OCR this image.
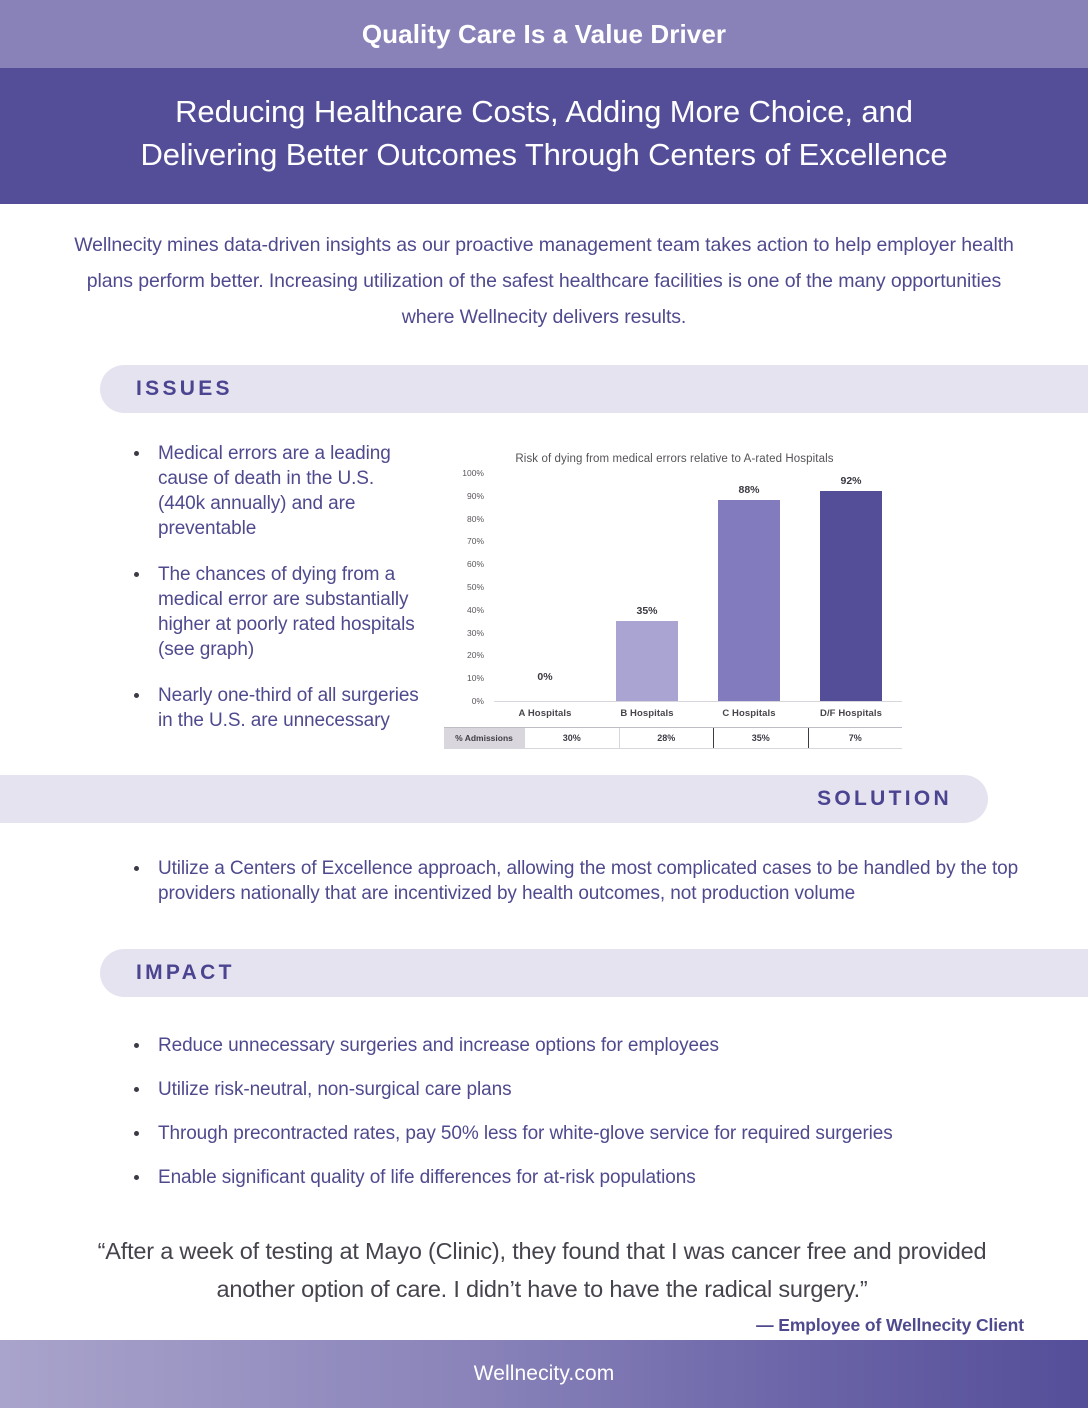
Quality Care Is a Value Driver
Reducing Healthcare Costs, Adding More Choice, and
Delivering Better Outcomes Through Centers of Excellence
Wellnecity mines data-driven insights as our proactive management team takes action to help employer health plans perform better. Increasing utilization of the safest healthcare facilities is one of the many opportunities where Wellnecity delivers results.
ISSUES
Medical errors are a leading cause of death in the U.S. (440k annually) and are preventable
The chances of dying from a medical error are substantially higher at poorly rated hospitals (see graph)
Nearly one-third of all surgeries in the U.S. are unnecessary
Risk of dying from medical errors relative to A-rated Hospitals
100%
90%
80%
70%
60%
50%
40%
30%
20%
10%
0%
0%
35%
88%
92%
A Hospitals	B Hospitals	C Hospitals	D/F Hospitals
% Admissions	30%	28%	35%	7%
SOLUTION
Utilize a Centers of Excellence approach, allowing the most complicated cases to be handled by the top providers nationally that are incentivized by health outcomes, not production volume
IMPACT
Reduce unnecessary surgeries and increase options for employees
Utilize risk-neutral, non-surgical care plans
Through precontracted rates, pay 50% less for white-glove service for required surgeries
Enable significant quality of life differences for at-risk populations
“After a week of testing at Mayo (Clinic), they found that I was cancer free and provided another option of care. I didn’t have to have the radical surgery.”
— Employee of Wellnecity Client
Wellnecity.com
